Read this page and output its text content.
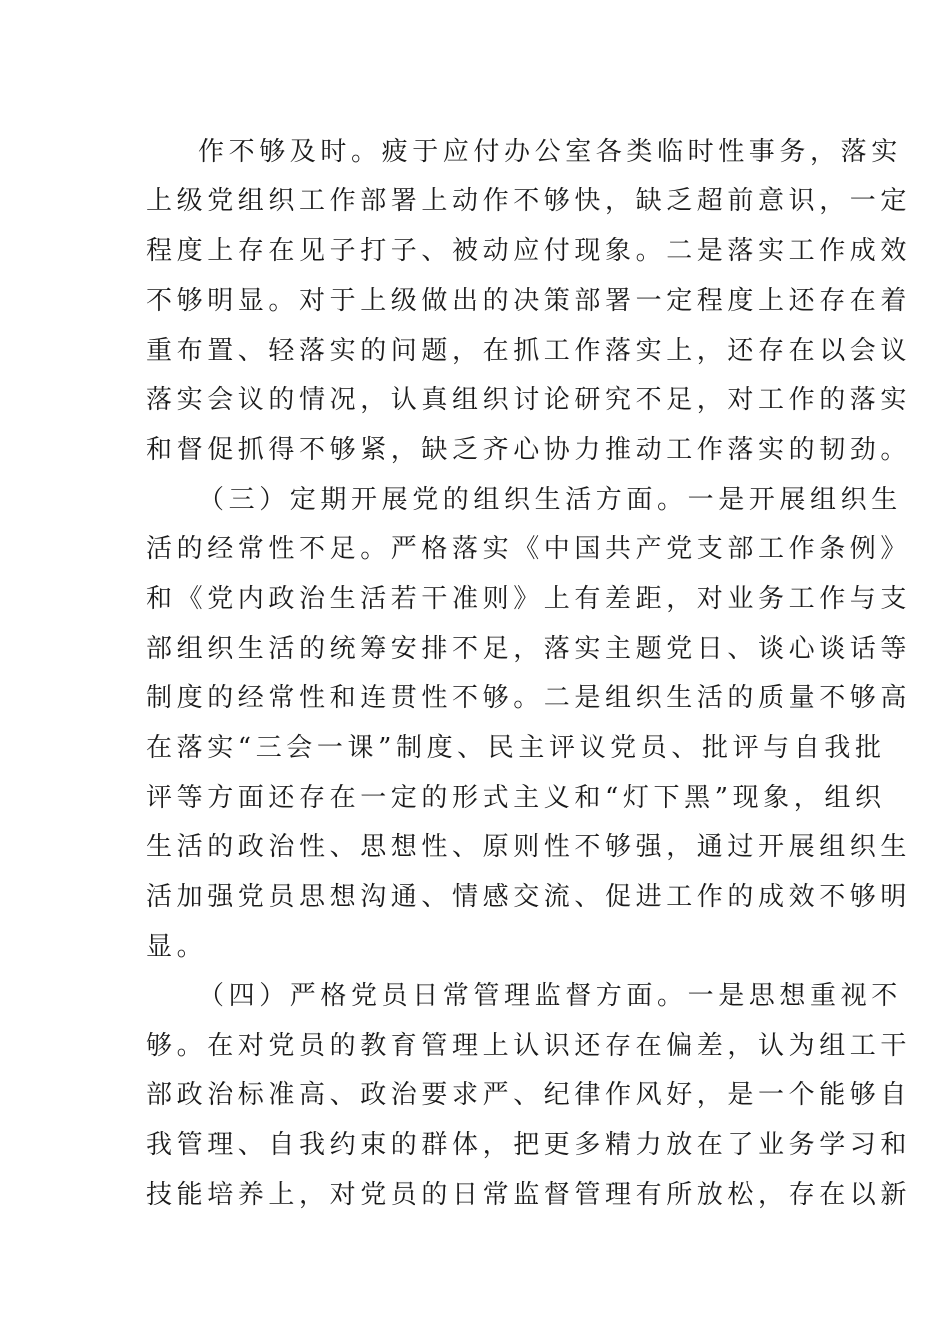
作不够及时。疲于应付办公室各类临时性事务，落实
上级党组织工作部署上动作不够快，缺乏超前意识，一定
程度上存在见子打子、被动应付现象。二是落实工作成效
不够明显。对于上级做出的决策部署一定程度上还存在着
重布置、轻落实的问题，在抓工作落实上，还存在以会议
落实会议的情况，认真组织讨论研究不足，对工作的落实
和督促抓得不够紧，缺乏齐心协力推动工作落实的韧劲。
（三）定期开展党的组织生活方面。一是开展组织生
活的经常性不足。严格落实《中国共产党支部工作条例》
和《党内政治生活若干准则》上有差距，对业务工作与支
部组织生活的统筹安排不足，落实主题党日、谈心谈话等
制度的经常性和连贯性不够。二是组织生活的质量不够高
在落实“三会一课”制度、民主评议党员、批评与自我批
评等方面还存在一定的形式主义和“灯下黑”现象，组织
生活的政治性、思想性、原则性不够强，通过开展组织生
活加强党员思想沟通、情感交流、促进工作的成效不够明
显。
（四）严格党员日常管理监督方面。一是思想重视不
够。在对党员的教育管理上认识还存在偏差，认为组工干
部政治标准高、政治要求严、纪律作风好，是一个能够自
我管理、自我约束的群体，把更多精力放在了业务学习和
技能培养上，对党员的日常监督管理有所放松，存在以新
